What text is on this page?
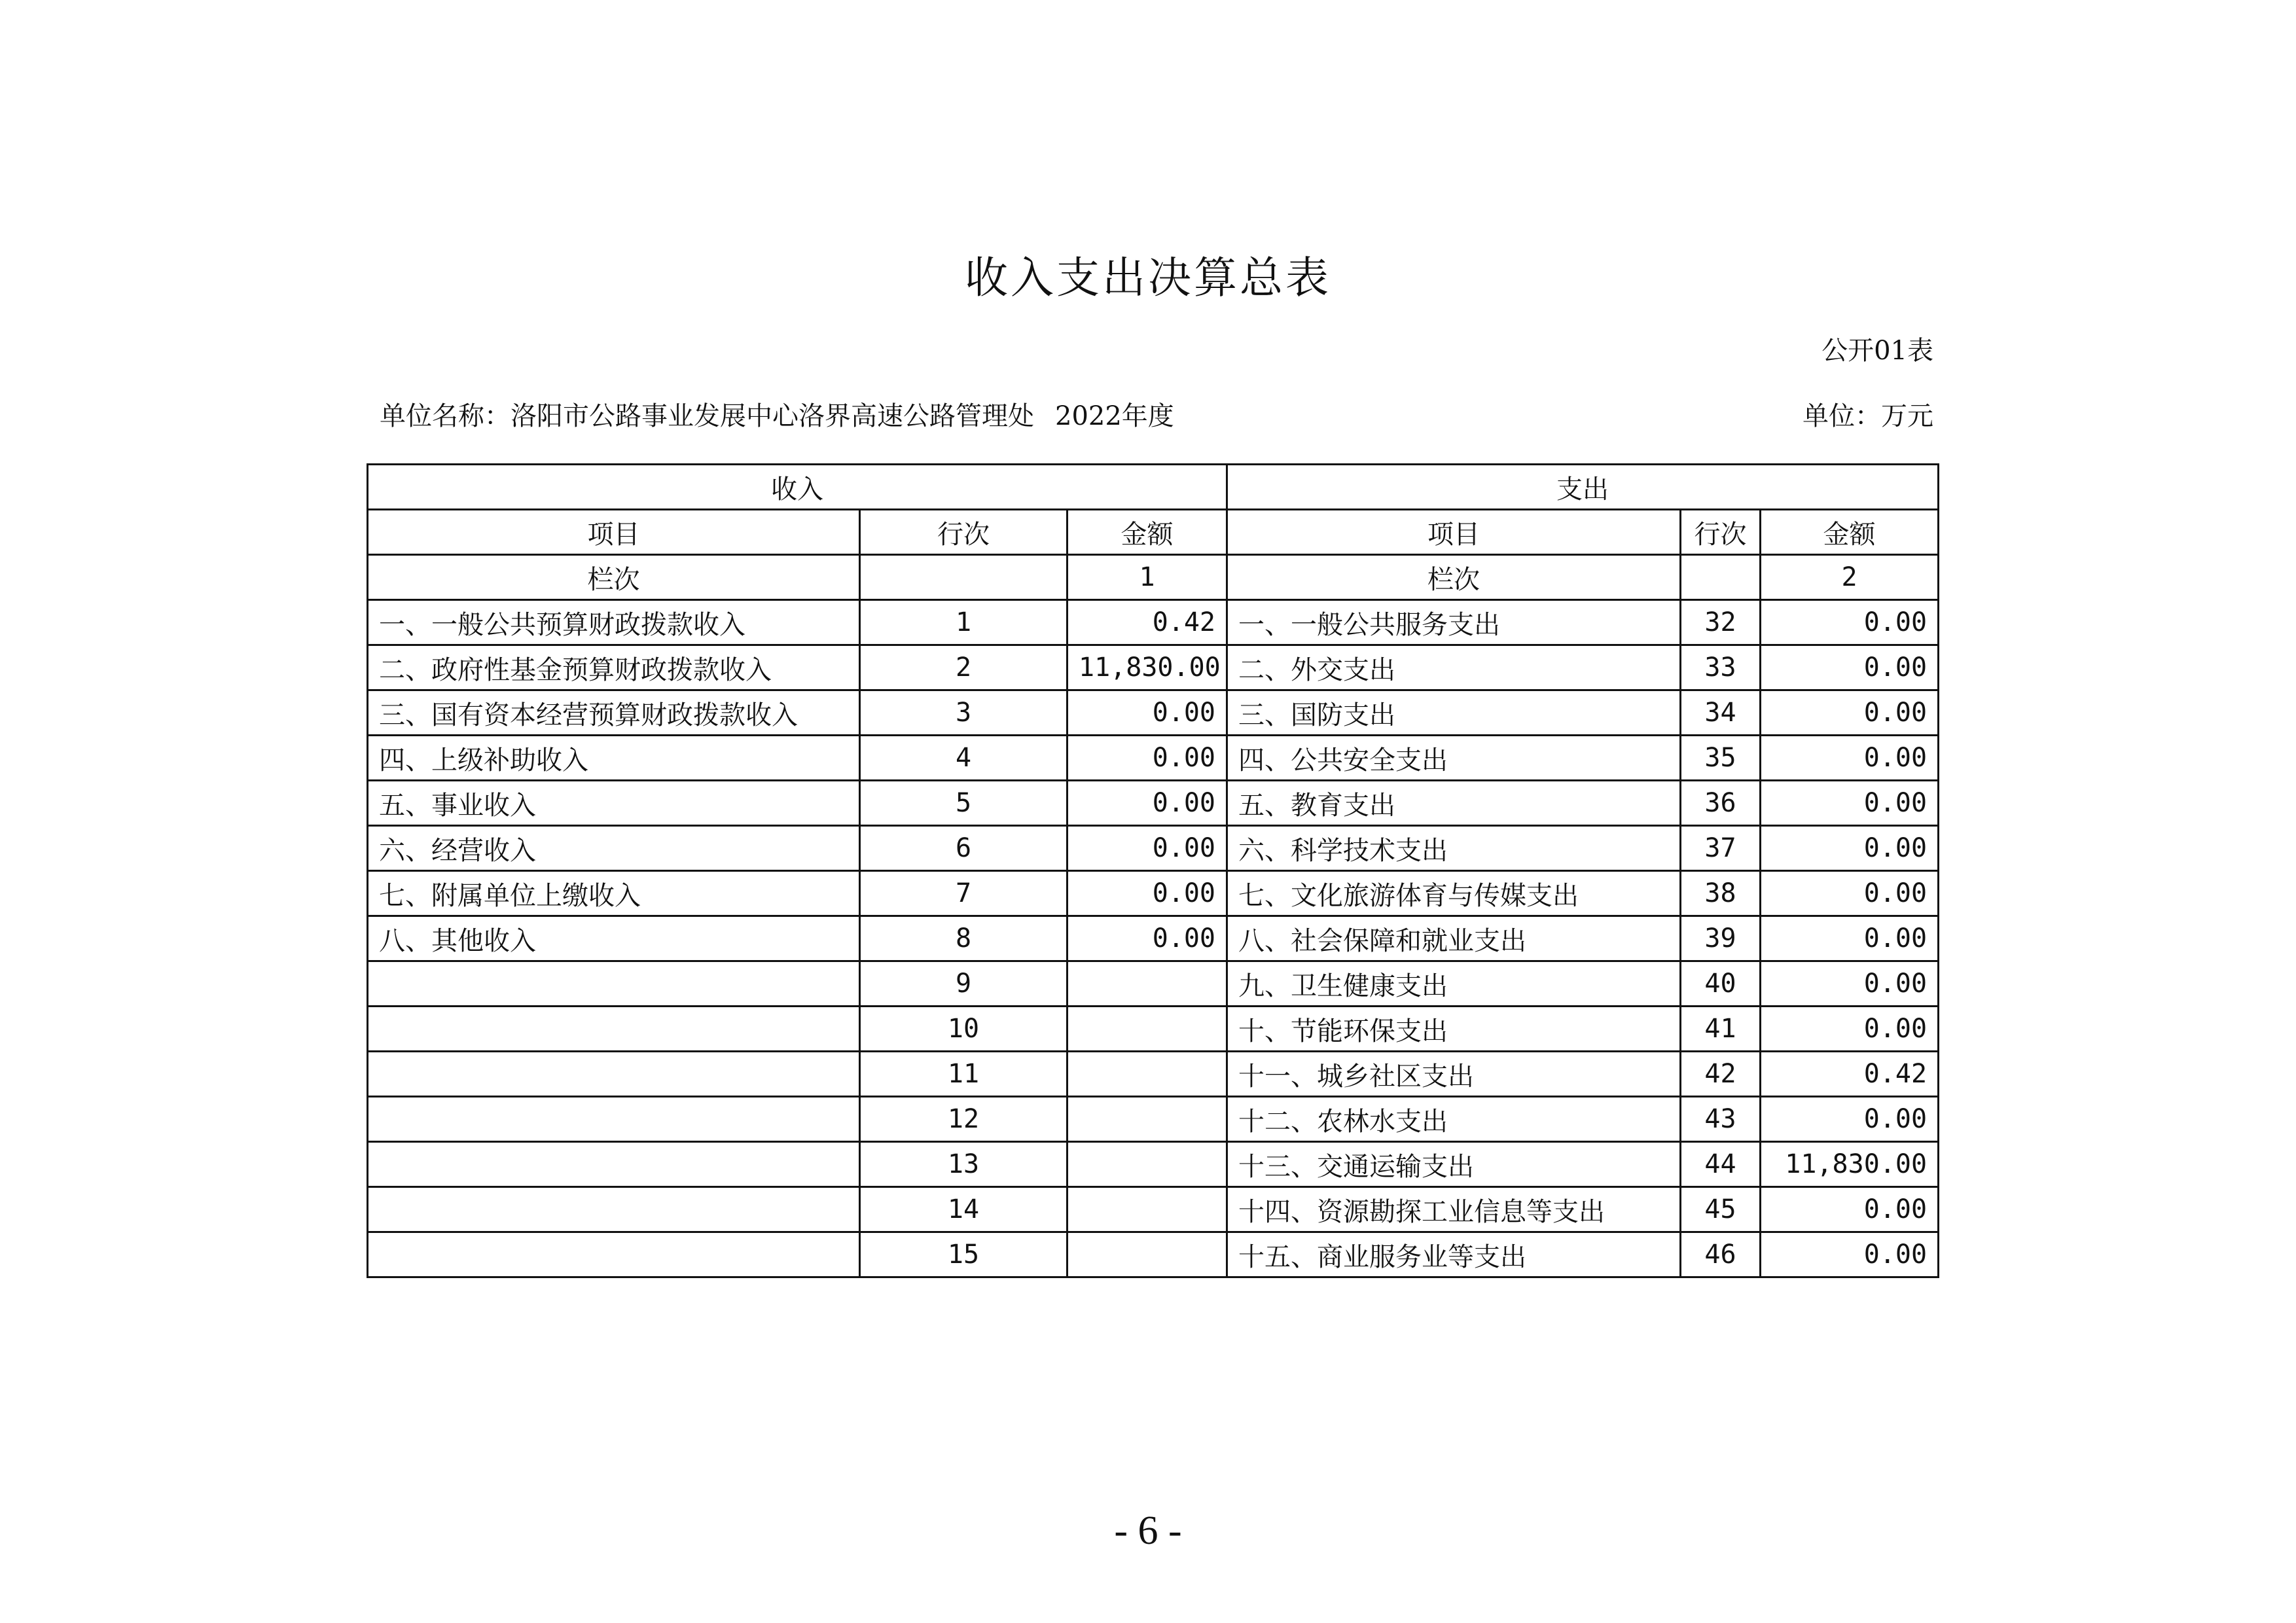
收入支出决算总表
公开01表
单位名称：洛阳市公路事业发展中心洛界高速公路管理处 2022年度	单位：万元
收入			支出		
项目	行次	金额	项目	行次	金额
栏次		1	栏次		2
一、一般公共预算财政拨款收入	1	0.42	一、一般公共服务支出	32	0.00
二、政府性基金预算财政拨款收入	2	11,830.00	二、外交支出	33	0.00
三、国有资本经营预算财政拨款收入	3	0.00	三、国防支出	34	0.00
四、上级补助收入	4	0.00	四、公共安全支出	35	0.00
五、事业收入	5	0.00	五、教育支出	36	0.00
六、经营收入	6	0.00	六、科学技术支出	37	0.00
七、附属单位上缴收入	7	0.00	七、文化旅游体育与传媒支出	38	0.00
八、其他收入	8	0.00	八、社会保障和就业支出	39	0.00
	9		九、卫生健康支出	40	0.00
	10		十、节能环保支出	41	0.00
	11		十一、城乡社区支出	42	0.42
	12		十二、农林水支出	43	0.00
	13		十三、交通运输支出	44	11,830.00
	14		十四、资源勘探工业信息等支出	45	0.00
	15		十五、商业服务业等支出	46	0.00
- 6 -
